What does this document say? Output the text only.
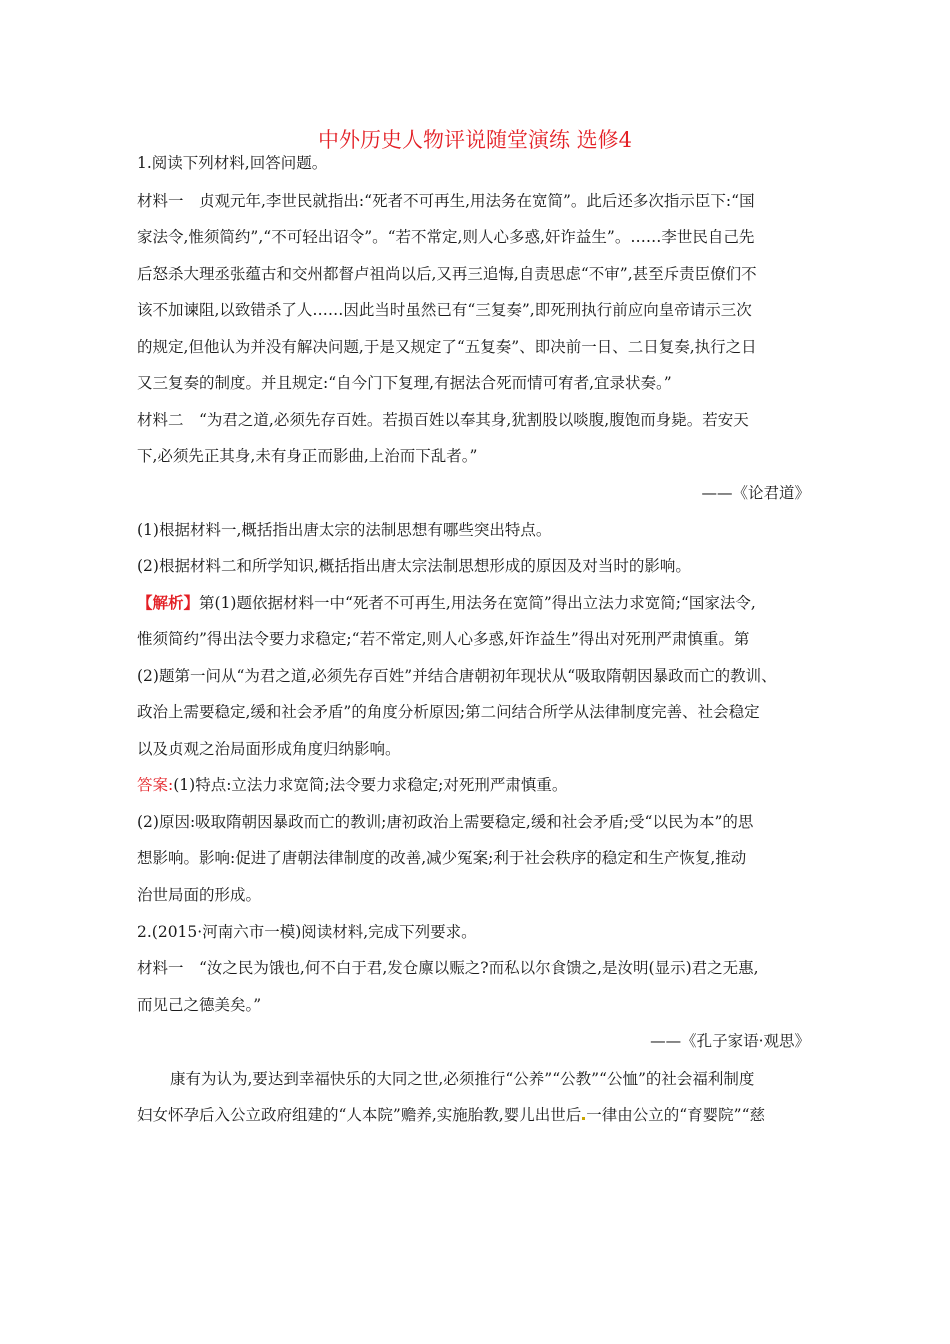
中外历史人物评说随堂演练 选修4
1.阅读下列材料,回答问题。
材料一　贞观元年,李世民就指出:“死者不可再生,用法务在宽简”。此后还多次指示臣下:“国
家法令,惟须简约”,“不可轻出诏令”。“若不常定,则人心多惑,奸诈益生”。……李世民自己先
后怒杀大理丞张蕴古和交州都督卢祖尚以后,又再三追悔,自责思虑“不审”,甚至斥责臣僚们不
该不加谏阻,以致错杀了人……因此当时虽然已有“三复奏”,即死刑执行前应向皇帝请示三次
的规定,但他认为并没有解决问题,于是又规定了“五复奏”、即决前一日、二日复奏,执行之日
又三复奏的制度。并且规定:“自今门下复理,有据法合死而情可宥者,宜录状奏。”
材料二　“为君之道,必须先存百姓。若损百姓以奉其身,犹割股以啖腹,腹饱而身毙。若安天
下,必须先正其身,未有身正而影曲,上治而下乱者。”
——《论君道》
(1)根据材料一,概括指出唐太宗的法制思想有哪些突出特点。
(2)根据材料二和所学知识,概括指出唐太宗法制思想形成的原因及对当时的影响。
【解析】第(1)题依据材料一中“死者不可再生,用法务在宽简”得出立法力求宽简;“国家法令,
惟须简约”得出法令要力求稳定;“若不常定,则人心多惑,奸诈益生”得出对死刑严肃慎重。第
(2)题第一问从“为君之道,必须先存百姓”并结合唐朝初年现状从“吸取隋朝因暴政而亡的教训、
政治上需要稳定,缓和社会矛盾”的角度分析原因;第二问结合所学从法律制度完善、社会稳定
以及贞观之治局面形成角度归纳影响。
答案:(1)特点:立法力求宽简;法令要力求稳定;对死刑严肃慎重。
(2)原因:吸取隋朝因暴政而亡的教训;唐初政治上需要稳定,缓和社会矛盾;受“以民为本”的思
想影响。影响:促进了唐朝法律制度的改善,减少冤案;利于社会秩序的稳定和生产恢复,推动
治世局面的形成。
2.(2015·河南六市一模)阅读材料,完成下列要求。
材料一　“汝之民为饿也,何不白于君,发仓廪以赈之?而私以尔食馈之,是汝明(显示)君之无惠,
而见己之德美矣。”
——《孔子家语·观思》
康有为认为,要达到幸福快乐的大同之世,必须推行“公养”“公教”“公恤”的社会福利制度
妇女怀孕后入公立政府组建的“人本院”赡养,实施胎教,婴儿出世后 一律由公立的“育婴院”“慈
